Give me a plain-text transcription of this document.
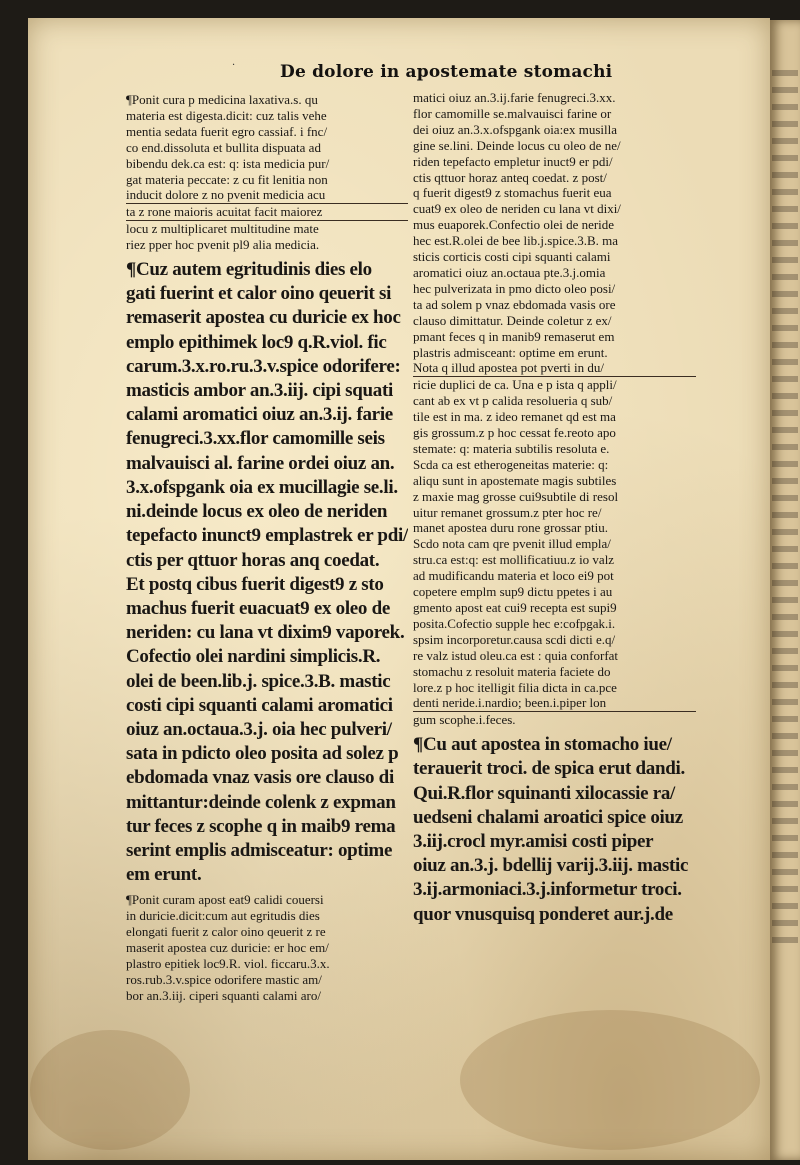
·	De dolore in apostemate stomachi
¶Ponit cura p medicina laxativa.s. qu
materia est digesta.dicit: cuz talis vehe
mentia sedata fuerit egro cassiaf. i fnc/
co end.dissoluta et bullita dispuata ad
bibendu dek.ca est: q: ista medicia pur/
gat materia peccate: z cu fit lenitia non
inducit dolore z no pvenit medicia acu
ta z rone maioris acuitat facit maiorez
locu z multiplicaret multitudine mate
riez pper hoc pvenit pl9 alia medicia.
¶Cuz autem egritudinis dies elo
gati fuerint et calor oino qeuerit si
remaserit apostea cu duricie ex hoc
emplo epithimek loc9 q.R.viol. fic
carum.3.x.ro.ru.3.v.spice odorifere:
masticis ambor an.3.iij. cipi squati
calami aromatici oiuz an.3.ij. farie
fenugreci.3.xx.flor camomille seis
malvauisci al. farine ordei oiuz an.
3.x.ofspgank oia ex mucillagie se.li.
ni.deinde locus ex oleo de neriden
tepefacto inunct9 emplastrek er pdi/
ctis per qttuor horas anq coedat.
Et postq cibus fuerit digest9 z sto
machus fuerit euacuat9 ex oleo de
neriden: cu lana vt dixim9 vaporek.
Cofectio olei nardini simplicis.R.
olei de been.lib.j. spice.3.B. mastic
costi cipi squanti calami aromatici
oiuz an.octaua.3.j. oia hec pulveri/
sata in pdicto oleo posita ad solez p
ebdomada vnaz vasis ore clauso di
mittantur:deinde colenk z expman
tur feces z scophe q in maib9 rema
serint emplis admisceatur: optime
em erunt.
¶Ponit curam apost eat9 calidi couersi
in duricie.dicit:cum aut egritudis dies
elongati fuerit z calor oino qeuerit z re
maserit apostea cuz duricie: er hoc em/
plastro epitiek loc9.R. viol. ficcaru.3.x.
ros.rub.3.v.spice odorifere mastic am/
bor an.3.iij. ciperi squanti calami aro/
matici oiuz an.3.ij.farie fenugreci.3.xx.
flor camomille se.malvauisci farine or
dei oiuz an.3.x.ofspgank oia:ex musilla
gine se.lini. Deinde locus cu oleo de ne/
riden tepefacto empletur inuct9 er pdi/
ctis qttuor horaz anteq coedat. z post/
q fuerit digest9 z stomachus fuerit eua
cuat9 ex oleo de neriden cu lana vt dixi/
mus euaporek.Confectio olei de neride
hec est.R.olei de bee lib.j.spice.3.B. ma
sticis corticis costi cipi squanti calami
aromatici oiuz an.octaua pte.3.j.omia
hec pulverizata in pmo dicto oleo posi/
ta ad solem p vnaz ebdomada vasis ore
clauso dimittatur. Deinde coletur z ex/
pmant feces q in manib9 remaserut em
plastris admisceant: optime em erunt.
Nota q illud apostea pot pverti in du/
ricie duplici de ca. Una e p ista q appli/
cant ab ex vt p calida resolueria q sub/
tile est in ma. z ideo remanet qd est ma
gis grossum.z p hoc cessat fe.reoto apo
stemate: q: materia subtilis resoluta e.
Scda ca est etherogeneitas materie: q:
aliqu sunt in apostemate magis subtiles
z maxie mag grosse cui9subtile di resol
uitur remanet grossum.z pter hoc re/
manet apostea duru rone grossar ptiu.
Scdo nota cam qre pvenit illud empla/
stru.ca est:q: est mollificatiuu.z io valz
ad mudificandu materia et loco ei9 pot
copetere emplm sup9 dictu ppetes i au
gmento apost eat cui9 recepta est supi9
posita.Cofectio supple hec e:cofpgak.i.
spsim incorporetur.causa scdi dicti e.q/
re valz istud oleu.ca est : quia conforfat
stomachu z resoluit materia faciete do
lore.z p hoc itelligit filia dicta in ca.pce
denti neride.i.nardio; been.i.piper lon
gum scophe.i.feces.
¶Cu aut apostea in stomacho iue/
terauerit troci. de spica erut dandi.
Qui.R.flor squinanti xilocassie ra/
uedseni chalami aroatici spice oiuz
3.iij.crocl myr.amisi costi piper
oiuz an.3.j. bdellij varij.3.iij. mastic
3.ij.armoniaci.3.j.informetur troci.
quor vnusquisq ponderet aur.j.de
